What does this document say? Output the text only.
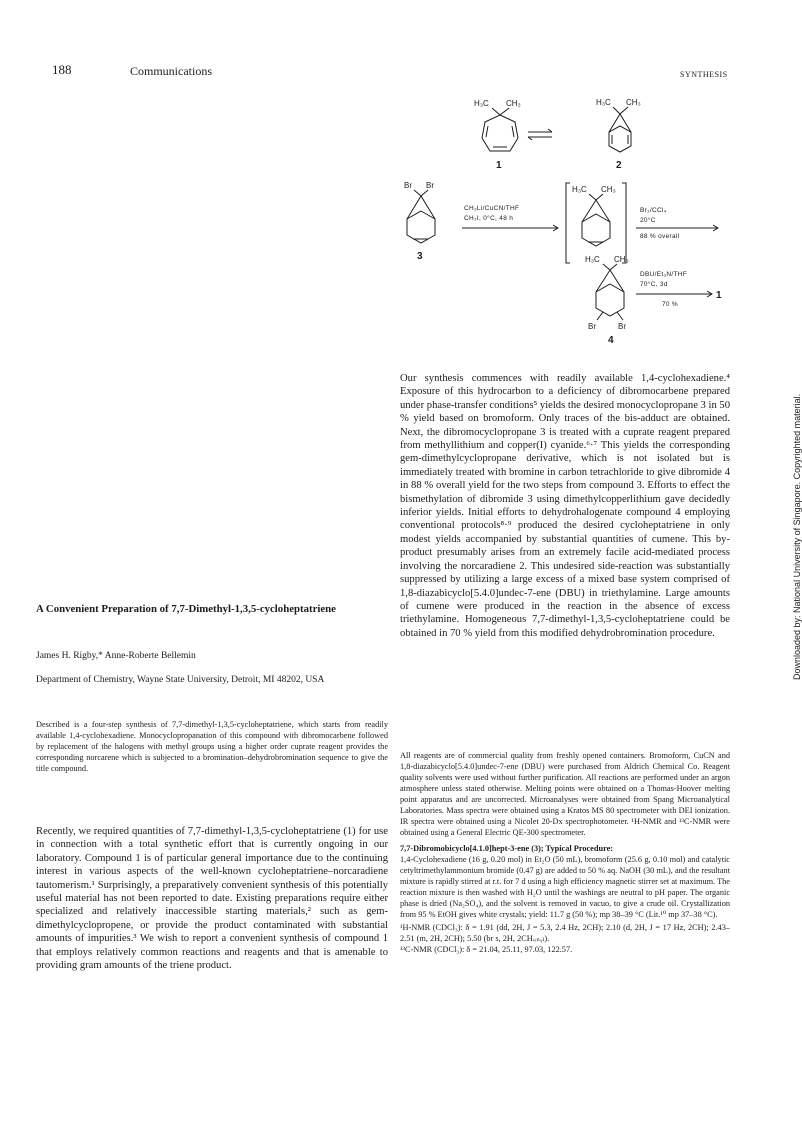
188	Communications	SYNTHESIS
H₃C CH₃
1
H₃C CH₃
2
Br Br
3
CH₃Li/CuCN/THF
CH₃I, 0°C, 48 h
H₃C CH₃
Br₂/CCl₄
20°C
88 % overall
H₃C CH₃
Br	Br
4
DBU/Et₃N/THF
70°C, 3d
70 %
1

Our synthesis commences with readily available 1,4-cyclohexadiene.⁴ Exposure of this hydrocarbon to a deficiency of dibromocarbene prepared under phase-transfer conditions⁵ yields the desired monocyclopropane 3 in 50 % yield based on bromoform. Only traces of the bis-adduct are obtained. Next, the dibromocyclopropane 3 is treated with a cuprate reagent prepared from methyllithium and copper(I) cyanide.⁶·⁷ This yields the corresponding gem-dimethylcyclopropane derivative, which is not isolated but is immediately treated with bromine in carbon tetrachloride to give dibromide 4 in 88 % overall yield for the two steps from compound 3. Efforts to effect the bismethylation of dibromide 3 using dimethylcopperlithium gave decidedly inferior yields. Initial efforts to dehydrohalogenate compound 4 employing conventional protocols⁸·⁹ produced the desired cycloheptatriene in only modest yields accompanied by substantial quantities of cumene. This by-product presumably arises from an extremely facile acid-mediated process involving the norcaradiene 2. This undesired side-reaction was substantially suppressed by utilizing a large excess of a mixed base system comprised of 1,8-diazabicyclo[5.4.0]undec-7-ene (DBU) in triethylamine. Large amounts of cumene were produced in the reaction in the absence of excess triethylamine. Homogeneous 7,7-dimethyl-1,3,5-cycloheptatriene could be obtained in 70 % yield from this modified dehydrobromination procedure.

All reagents are of commercial quality from freshly opened containers. Bromoform, CuCN and 1,8-diazabicyclo[5.4.0]undec-7-ene (DBU) were purchased from Aldrich Chemical Co. Reagent quality solvents were used without further purification. All reactions are performed under an argon atmosphere unless stated otherwise. Melting points were obtained on a Thomas-Hoover melting point apparatus and are uncorrected. Microanalyses were obtained from Spang Microanalytical Laboratories. Mass spectra were obtained using a Kratos MS 80 spectrometer with DEI ionization. IR spectra were obtained using a Nicolet 20-Dx spectrophotometer. ¹H-NMR and ¹³C-NMR were obtained using a General Electric QE-300 spectrometer.

7,7-Dibromobicyclo[4.1.0]hept-3-ene (3); Typical Procedure:

1,4-Cyclohexadiene (16 g, 0.20 mol) in Et₂O (50 mL), bromoform (25.6 g, 0.10 mol) and catalytic cetyltrimethylammonium bromide (0.47 g) are added to 50 % aq. NaOH (30 mL), and the resultant mixture is rapidly stirred at r.t. for 7 d using a high efficiency magnetic stirrer set at maximum. The reaction mixture is then washed with H₂O until the washings are neutral to pH paper. The organic phase is dried (Na₂SO₄), and the solvent is removed in vacuo, to give a crude oil. Crystallization from 95 % EtOH gives white crystals; yield: 11.7 g (50 %); mp 38–39 °C (Lit.¹⁰ mp 37–38 °C).

¹H-NMR (CDCl₃): δ = 1.91 (dd, 2H, J = 5.3, 2.4 Hz, 2CH); 2.10 (d, 2H, J = 17 Hz, 2CH); 2.43–2.51 (m, 2H, 2CH); 5.50 (br s, 2H, 2CHᵥᵢₙᵧₗ).

¹³C-NMR (CDCl₃): δ = 21.04, 25.11, 97.03, 122.57.

A Convenient Preparation of 7,7-Dimethyl-1,3,5-cycloheptatriene
James H. Rigby,* Anne-Roberte Bellemin
Department of Chemistry, Wayne State University, Detroit, MI 48202, USA
Described is a four-step synthesis of 7,7-dimethyl-1,3,5-cycloheptatriene, which starts from readily available 1,4-cyclohexadiene. Monocyclopropanation of this compound with dibromocarbene followed by replacement of the halogens with methyl groups using a higher order cuprate reagent provides the corresponding norcarene which is subjected to a bromination–dehydrobromination sequence to give the title compound.
Recently, we required quantities of 7,7-dimethyl-1,3,5-cycloheptatriene (1) for use in connection with a total synthetic effort that is currently ongoing in our laboratory. Compound 1 is of particular general importance due to the continuing interest in various aspects of the well-known cycloheptatriene–norcaradiene tautomerism.¹ Surprisingly, a preparatively convenient synthesis of this potentially useful material has not been reported to date. Existing preparations require either specialized and relatively inaccessible starting materials,² such as gem-dimethylcyclopropene, or provide the product contaminated with substantial amounts of impurities.³ We wish to report a convenient synthesis of compound 1 that employs relatively common reactions and reagents and that is amenable to providing gram amounts of the triene product.
Downloaded by: National University of Singapore. Copyrighted material.
